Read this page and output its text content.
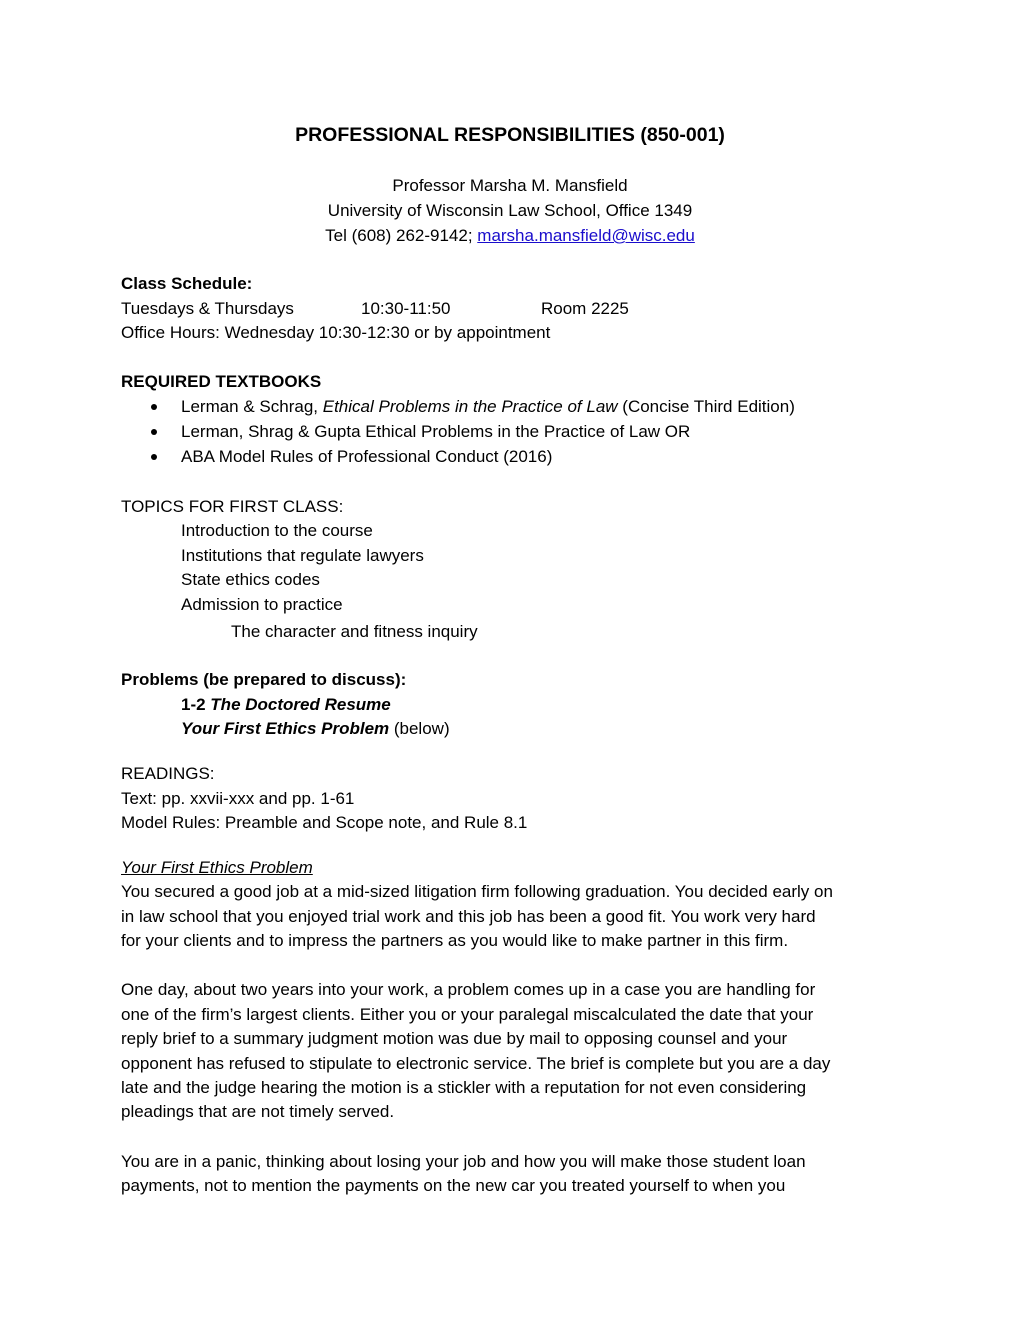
PROFESSIONAL RESPONSIBILITIES (850-001)
Professor Marsha M. Mansfield
University of Wisconsin Law School, Office 1349
Tel (608) 262-9142; marsha.mansfield@wisc.edu
Class Schedule:
Tuesdays & Thursdays	10:30-11:50	Room 2225
Office Hours: Wednesday 10:30-12:30 or by appointment
REQUIRED TEXTBOOKS
Lerman & Schrag, Ethical Problems in the Practice of Law (Concise Third Edition)
Lerman, Shrag & Gupta Ethical Problems in the Practice of Law OR
ABA Model Rules of Professional Conduct (2016)
TOPICS FOR FIRST CLASS:
Introduction to the course
Institutions that regulate lawyers
State ethics codes
Admission to practice
The character and fitness inquiry
Problems (be prepared to discuss):
1-2 The Doctored Resume
Your First Ethics Problem (below)
READINGS:
Text: pp. xxvii-xxx and pp. 1-61
Model Rules: Preamble and Scope note, and Rule 8.1
Your First Ethics Problem
You secured a good job at a mid-sized litigation firm following graduation. You decided early on
in law school that you enjoyed trial work and this job has been a good fit. You work very hard
for your clients and to impress the partners as you would like to make partner in this firm.
One day, about two years into your work, a problem comes up in a case you are handling for
one of the firm’s largest clients. Either you or your paralegal miscalculated the date that your
reply brief to a summary judgment motion was due by mail to opposing counsel and your
opponent has refused to stipulate to electronic service. The brief is complete but you are a day
late and the judge hearing the motion is a stickler with a reputation for not even considering
pleadings that are not timely served.
You are in a panic, thinking about losing your job and how you will make those student loan
payments, not to mention the payments on the new car you treated yourself to when you
